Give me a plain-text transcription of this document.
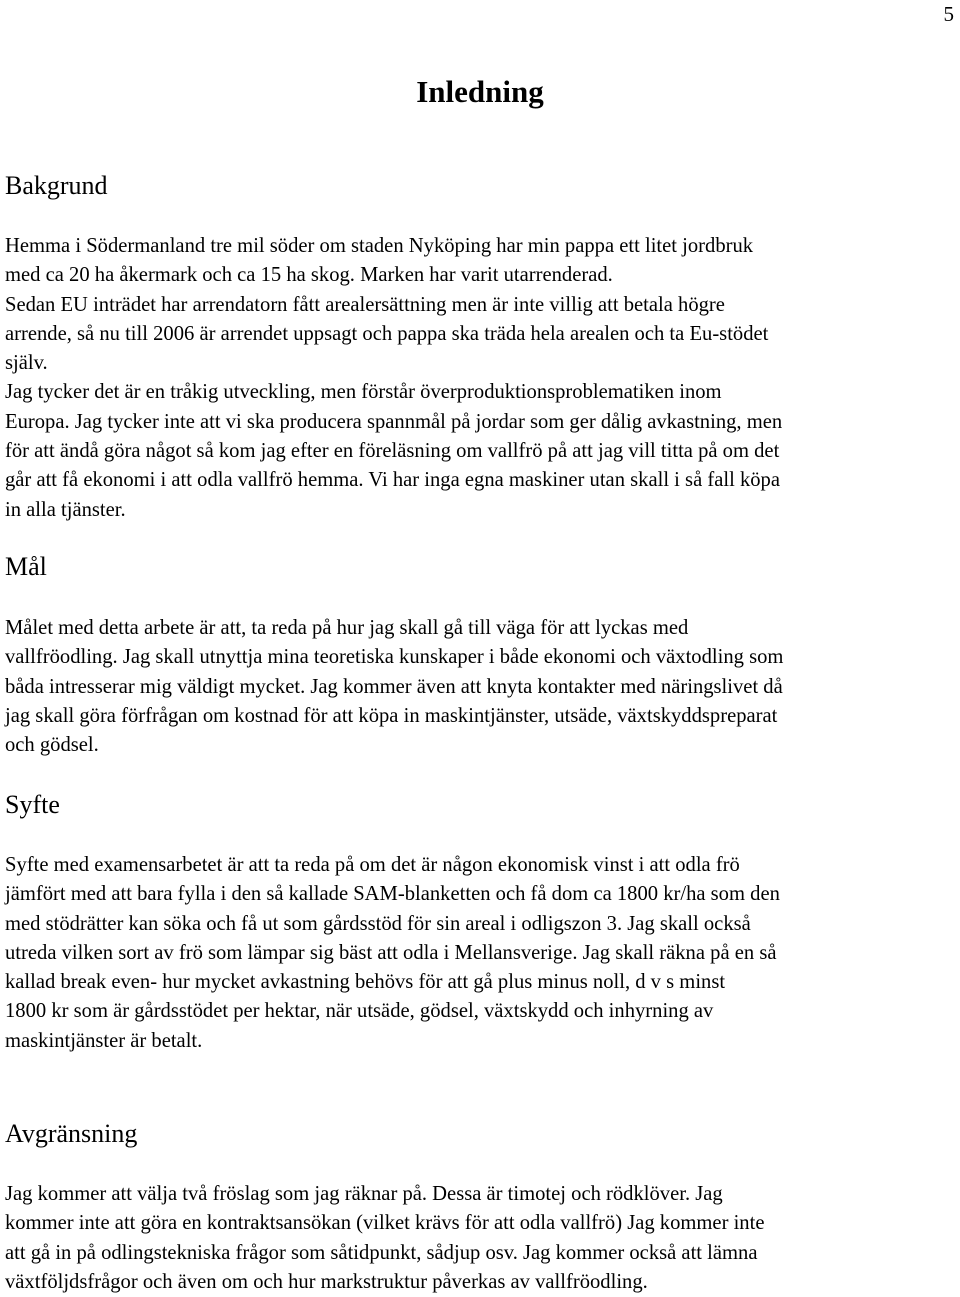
5
Inledning
Bakgrund
Hemma i Södermanland tre mil söder om staden Nyköping har min pappa ett litet jordbruk
med ca 20 ha åkermark och ca 15 ha skog. Marken har varit utarrenderad.
Sedan EU inträdet har arrendatorn fått arealersättning men är inte villig att betala högre
arrende, så nu till 2006 är arrendet uppsagt och pappa ska träda hela arealen och ta Eu-stödet
själv.
Jag tycker det är en tråkig utveckling, men förstår överproduktionsproblematiken inom
Europa. Jag tycker inte att vi ska producera spannmål på jordar som ger dålig avkastning, men
för att ändå göra något så kom jag efter en föreläsning om vallfrö på att jag vill titta på om det
går att få ekonomi i att odla vallfrö hemma. Vi har inga egna maskiner utan skall i så fall köpa
in alla tjänster.
Mål
Målet med detta arbete är att, ta reda på hur jag skall gå till väga för att lyckas med
vallfröodling. Jag skall utnyttja mina teoretiska kunskaper i både ekonomi och växtodling som
båda intresserar mig väldigt mycket. Jag kommer även att knyta kontakter med näringslivet då
jag skall göra förfrågan om kostnad för att köpa in maskintjänster, utsäde, växtskyddspreparat
och gödsel.
Syfte
Syfte med examensarbetet är att ta reda på om det är någon ekonomisk vinst i att odla frö
jämfört med att bara fylla i den så kallade SAM-blanketten och få dom ca 1800 kr/ha som den
med stödrätter kan söka och få ut som gårdsstöd för sin areal i odligszon 3. Jag skall också
utreda vilken sort av frö som lämpar sig bäst att odla i Mellansverige. Jag skall räkna på en så
kallad break even- hur mycket avkastning behövs för att gå plus minus noll, d v s minst
1800 kr som är gårdsstödet per hektar, när utsäde, gödsel, växtskydd och inhyrning av
maskintjänster är betalt.
Avgränsning
Jag kommer att välja två fröslag som jag räknar på. Dessa är timotej och rödklöver. Jag
kommer inte att göra en kontraktsansökan (vilket krävs för att odla vallfrö) Jag kommer inte
att gå in på odlingstekniska frågor som såtidpunkt, sådjup osv. Jag kommer också att lämna
växtföljdsfrågor och även om och hur markstruktur påverkas av vallfröodling.
